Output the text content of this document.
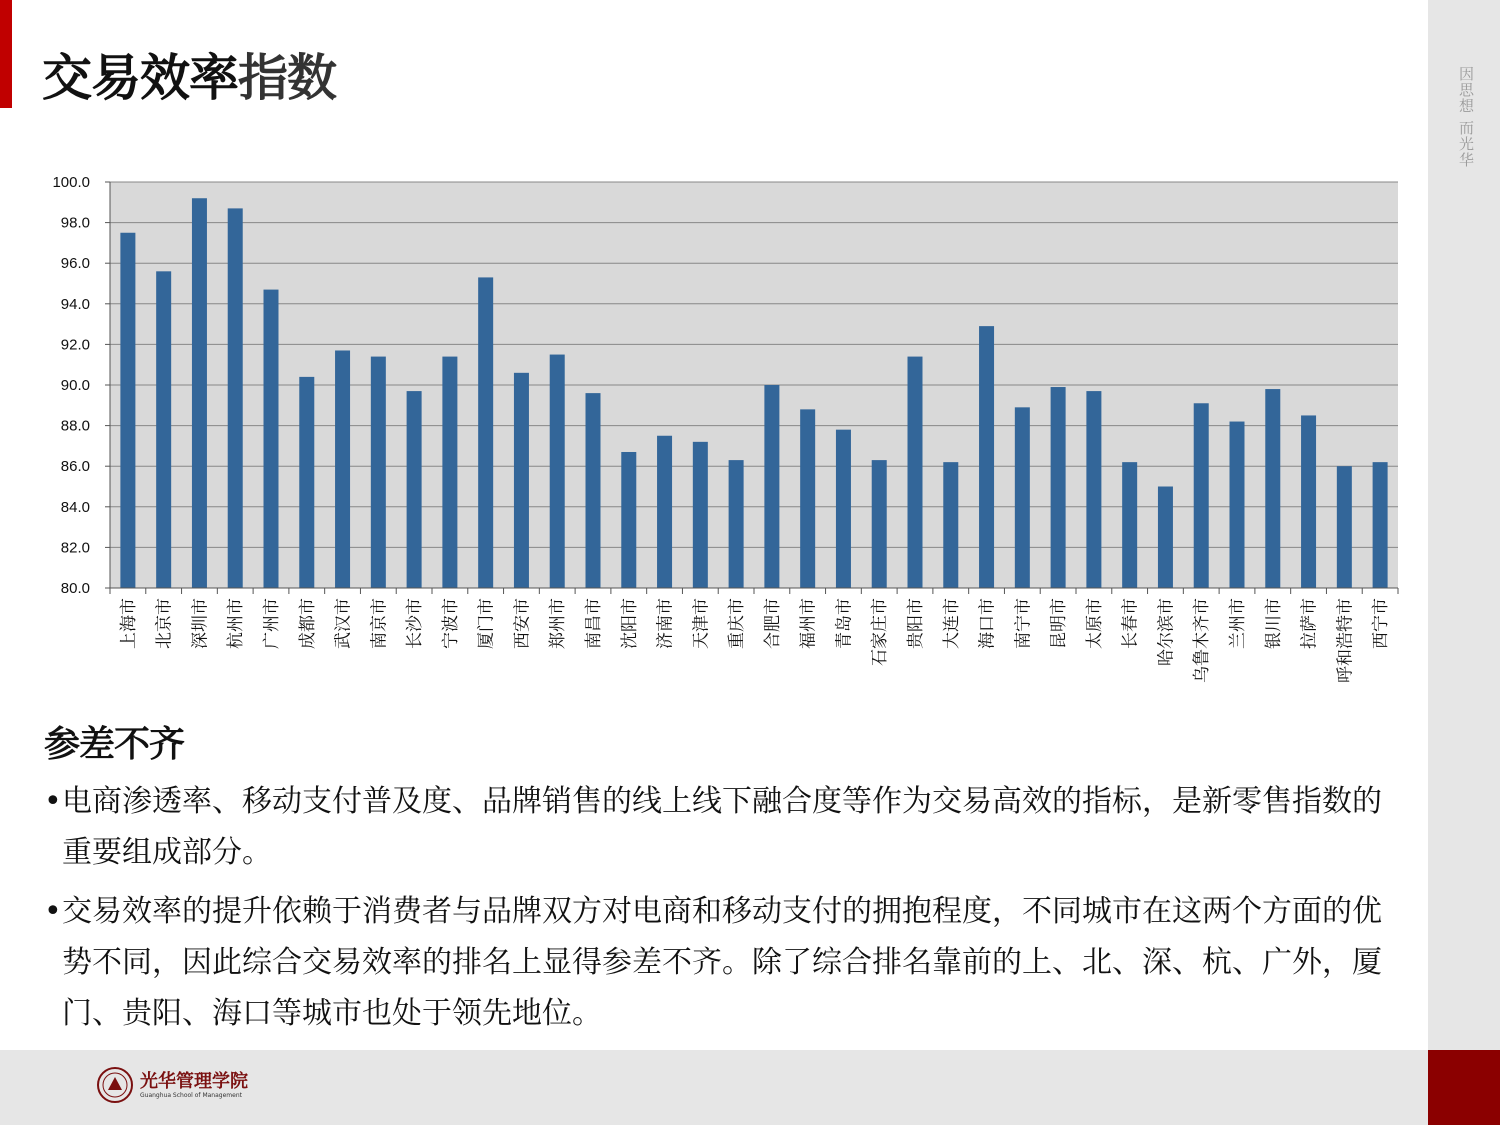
交易效率指数	因思想 而光华
80.0
82.0
84.0
86.0
88.0
90.0
92.0
94.0
96.0
98.0
100.0
上海市 北京市 深圳市 杭州市 广州市 成都市 武汉市 南京市 长沙市 宁波市 厦门市 西安市 郑州市 南昌市 沈阳市 济南市 天津市 重庆市 合肥市 福州市 青岛市 石家庄市 贵阳市 大连市 海口市 南宁市 昆明市 太原市 长春市 哈尔滨市 乌鲁木齐市 兰州市 银川市 拉萨市 呼和浩特市 西宁市
参差不齐
• 电商渗透率、移动支付普及度、品牌销售的线上线下融合度等作为交易高效的指标，是新零售指数的重要组成部分。
• 交易效率的提升依赖于消费者与品牌双方对电商和移动支付的拥抱程度，不同城市在这两个方面的优势不同，因此综合交易效率的排名上显得参差不齐。除了综合排名靠前的上、北、深、杭、广外，厦门、贵阳、海口等城市也处于领先地位。
光华管理学院
Guanghua School of Management
